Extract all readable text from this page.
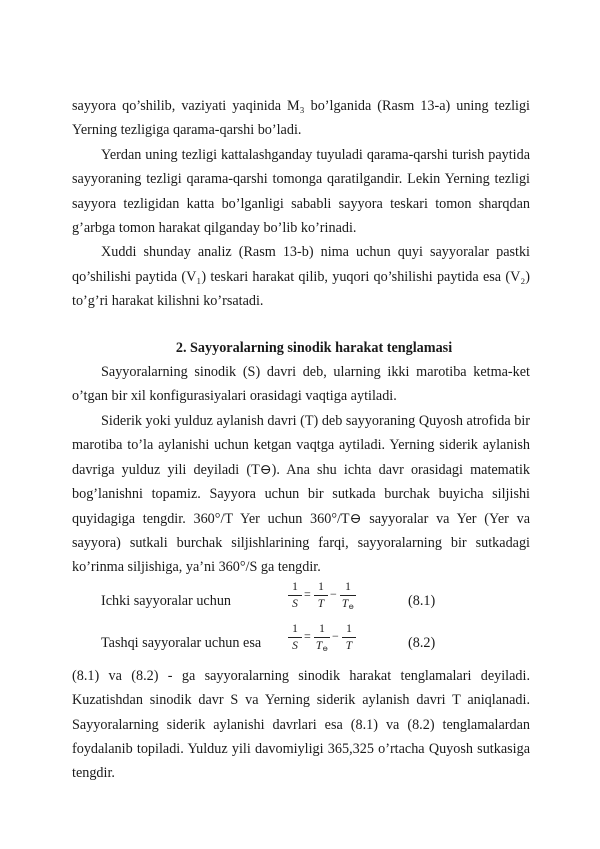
sayyora qo’shilib, vaziyati yaqinida M₃ bo’lganida (Rasm 13-a) uning tezligi Yerning tezligiga qarama-qarshi bo’ladi.

Yerdan uning tezligi kattalashganday tuyuladi qarama-qarshi turish paytida sayyoraning tezligi qarama-qarshi tomonga qaratilgandir. Lekin Yerning tezligi sayyora tezligidan katta bo’lganligi sababli sayyora teskari tomon sharqdan g’arbga tomon harakat qilganday bo’lib ko’rinadi.

Xuddi shunday analiz (Rasm 13-b) nima uchun quyi sayyoralar pastki qo’shilishi paytida (V₁) teskari harakat qilib, yuqori qo’shilishi paytida esa (V₂) to’g’ri harakat kilishni ko’rsatadi.

2. Sayyoralarning sinodik harakat tenglamasi

Sayyoralarning sinodik (S) davri deb, ularning ikki marotiba ketma-ket o’tgan bir xil konfigurasiyalari orasidagi vaqtiga aytiladi.

Siderik yoki yulduz aylanish davri (T) deb sayyoraning Quyosh atrofida bir marotiba to’la aylanishi uchun ketgan vaqtga aytiladi. Yerning siderik aylanish davriga yulduz yili deyiladi (T⊖). Ana shu ichta davr orasidagi matematik bog’lanishni topamiz. Sayyora uchun bir sutkada burchak buyicha siljishi quyidagiga tengdir. 360°/T Yer uchun 360°/T⊖ sayyoralar va Yer (Yer va sayyora) sutkali burchak siljishlarining farqi, sayyoralarning bir sutkadagi ko’rinma siljishiga, ya’ni 360°/S ga tengdir.

Ichki sayyoralar uchun
1
S
= 1
T
− 1
$T_⊖$	(8.1)
Tashqi sayyoralar uchun esa
1
S
= 1
$T_⊖$
− 1
T	(8.2)

(8.1) va (8.2) - ga sayyoralarning sinodik harakat tenglamalari deyiladi. Kuzatishdan sinodik davr S va Yerning siderik aylanish davri T aniqlanadi. Sayyoralarning siderik aylanishi davrlari esa (8.1) va (8.2) tenglamalardan foydalanib topiladi. Yulduz yili davomiyligi 365,325 o’rtacha Quyosh sutkasiga tengdir.
